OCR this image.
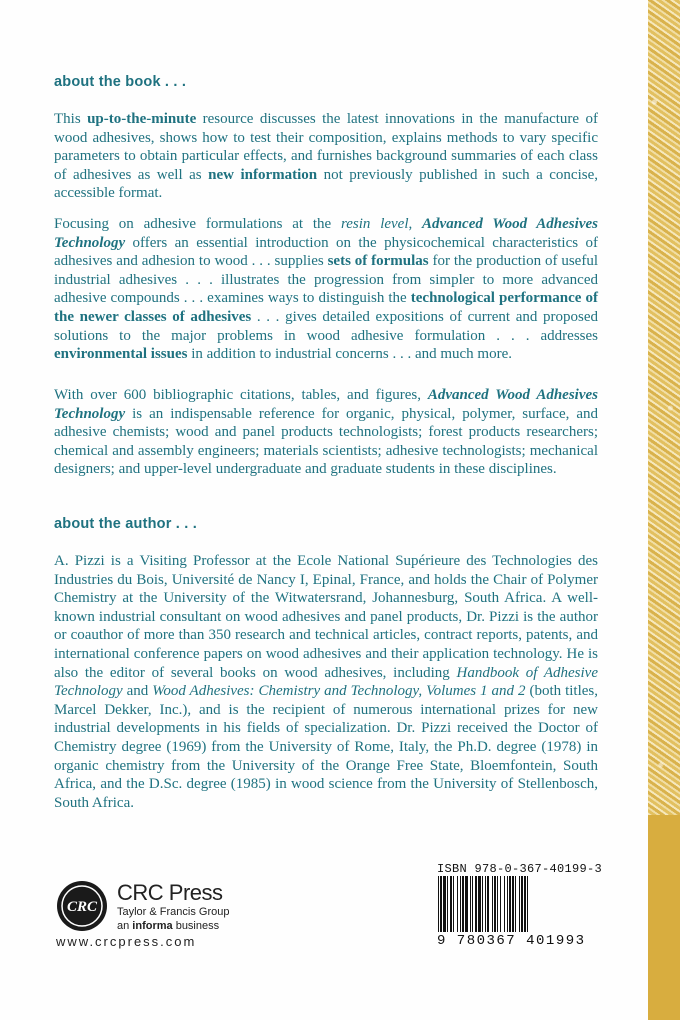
about the book . . .

This up-to-the-minute resource discusses the latest innovations in the manufacture of wood adhesives, shows how to test their composition, explains methods to vary specific parameters to obtain particular effects, and furnishes background summaries of each class of adhesives as well as new information not previously published in such a concise, accessible format.

Focusing on adhesive formulations at the resin level, Advanced Wood Adhesives Technology offers an essential introduction on the physicochemical characteristics of adhesives and adhesion to wood . . . supplies sets of formulas for the production of useful industrial adhesives . . . illustrates the progression from simpler to more advanced adhesive compounds . . . examines ways to distinguish the technological performance of the newer classes of adhesives . . . gives detailed expositions of current and proposed solutions to the major problems in wood adhesive formulation . . . addresses environmental issues in addition to industrial concerns . . . and much more.

With over 600 bibliographic citations, tables, and figures, Advanced Wood Adhesives Technology is an indispensable reference for organic, physical, polymer, surface, and adhesive chemists; wood and panel products technologists; forest products researchers; chemical and assembly engineers; materials scientists; adhesive technologists; mechanical designers; and upper-level undergraduate and graduate students in these disciplines.

about the author . . .

A. Pizzi is a Visiting Professor at the Ecole National Supérieure des Technologies des Industries du Bois, Université de Nancy I, Epinal, France, and holds the Chair of Polymer Chemistry at the University of the Witwatersrand, Johannesburg, South Africa. A well-known industrial consultant on wood adhesives and panel products, Dr. Pizzi is the author or coauthor of more than 350 research and technical articles, contract reports, patents, and international conference papers on wood adhesives and their application technology. He is also the editor of several books on wood adhesives, including Handbook of Adhesive Technology and Wood Adhesives: Chemistry and Technology, Volumes 1 and 2 (both titles, Marcel Dekker, Inc.), and is the recipient of numerous international prizes for new industrial developments in his fields of specialization. Dr. Pizzi received the Doctor of Chemistry degree (1969) from the University of Rome, Italy, the Ph.D. degree (1978) in organic chemistry from the University of the Orange Free State, Bloemfontein, South Africa, and the D.Sc. degree (1985) in wood science from the University of Stellenbosch, South Africa.

CRC

CRC Press

Taylor & Francis Group

an informa business

www.crcpress.com

ISBN 978-0-367-40199-3

9 780367 401993
